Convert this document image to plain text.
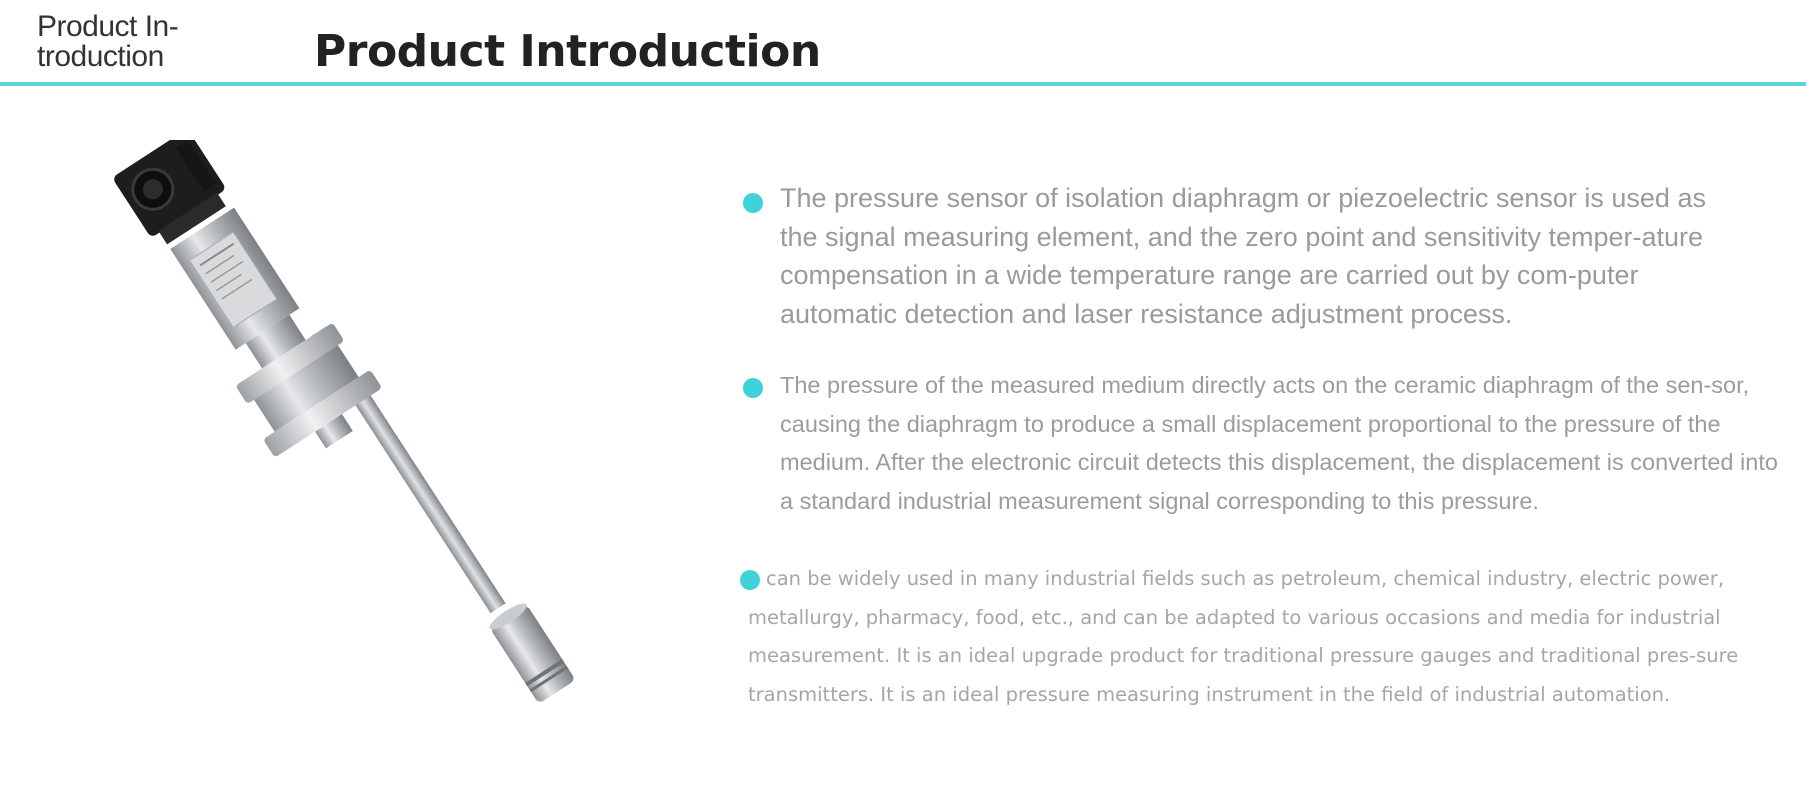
Product In-
troduction	Product Introduction
The pressure sensor of isolation diaphragm or piezoelectric sensor is used as the signal measuring element, and the zero point and sensitivity temper-ature compensation in a wide temperature range are carried out by com-puter automatic detection and laser resistance adjustment process.
The pressure of the measured medium directly acts on the ceramic diaphragm of the sen-sor, causing the diaphragm to produce a small displacement proportional to the pressure of the medium. After the electronic circuit detects this displacement, the displacement is converted into a standard industrial measurement signal corresponding to this pressure.
can be widely used in many industrial fields such as petroleum, chemical industry, electric power, metallurgy, pharmacy, food, etc., and can be adapted to various occasions and media for industrial measurement. It is an ideal upgrade product for traditional pressure gauges and traditional pres-sure transmitters. It is an ideal pressure measuring instrument in the field of industrial automation.
